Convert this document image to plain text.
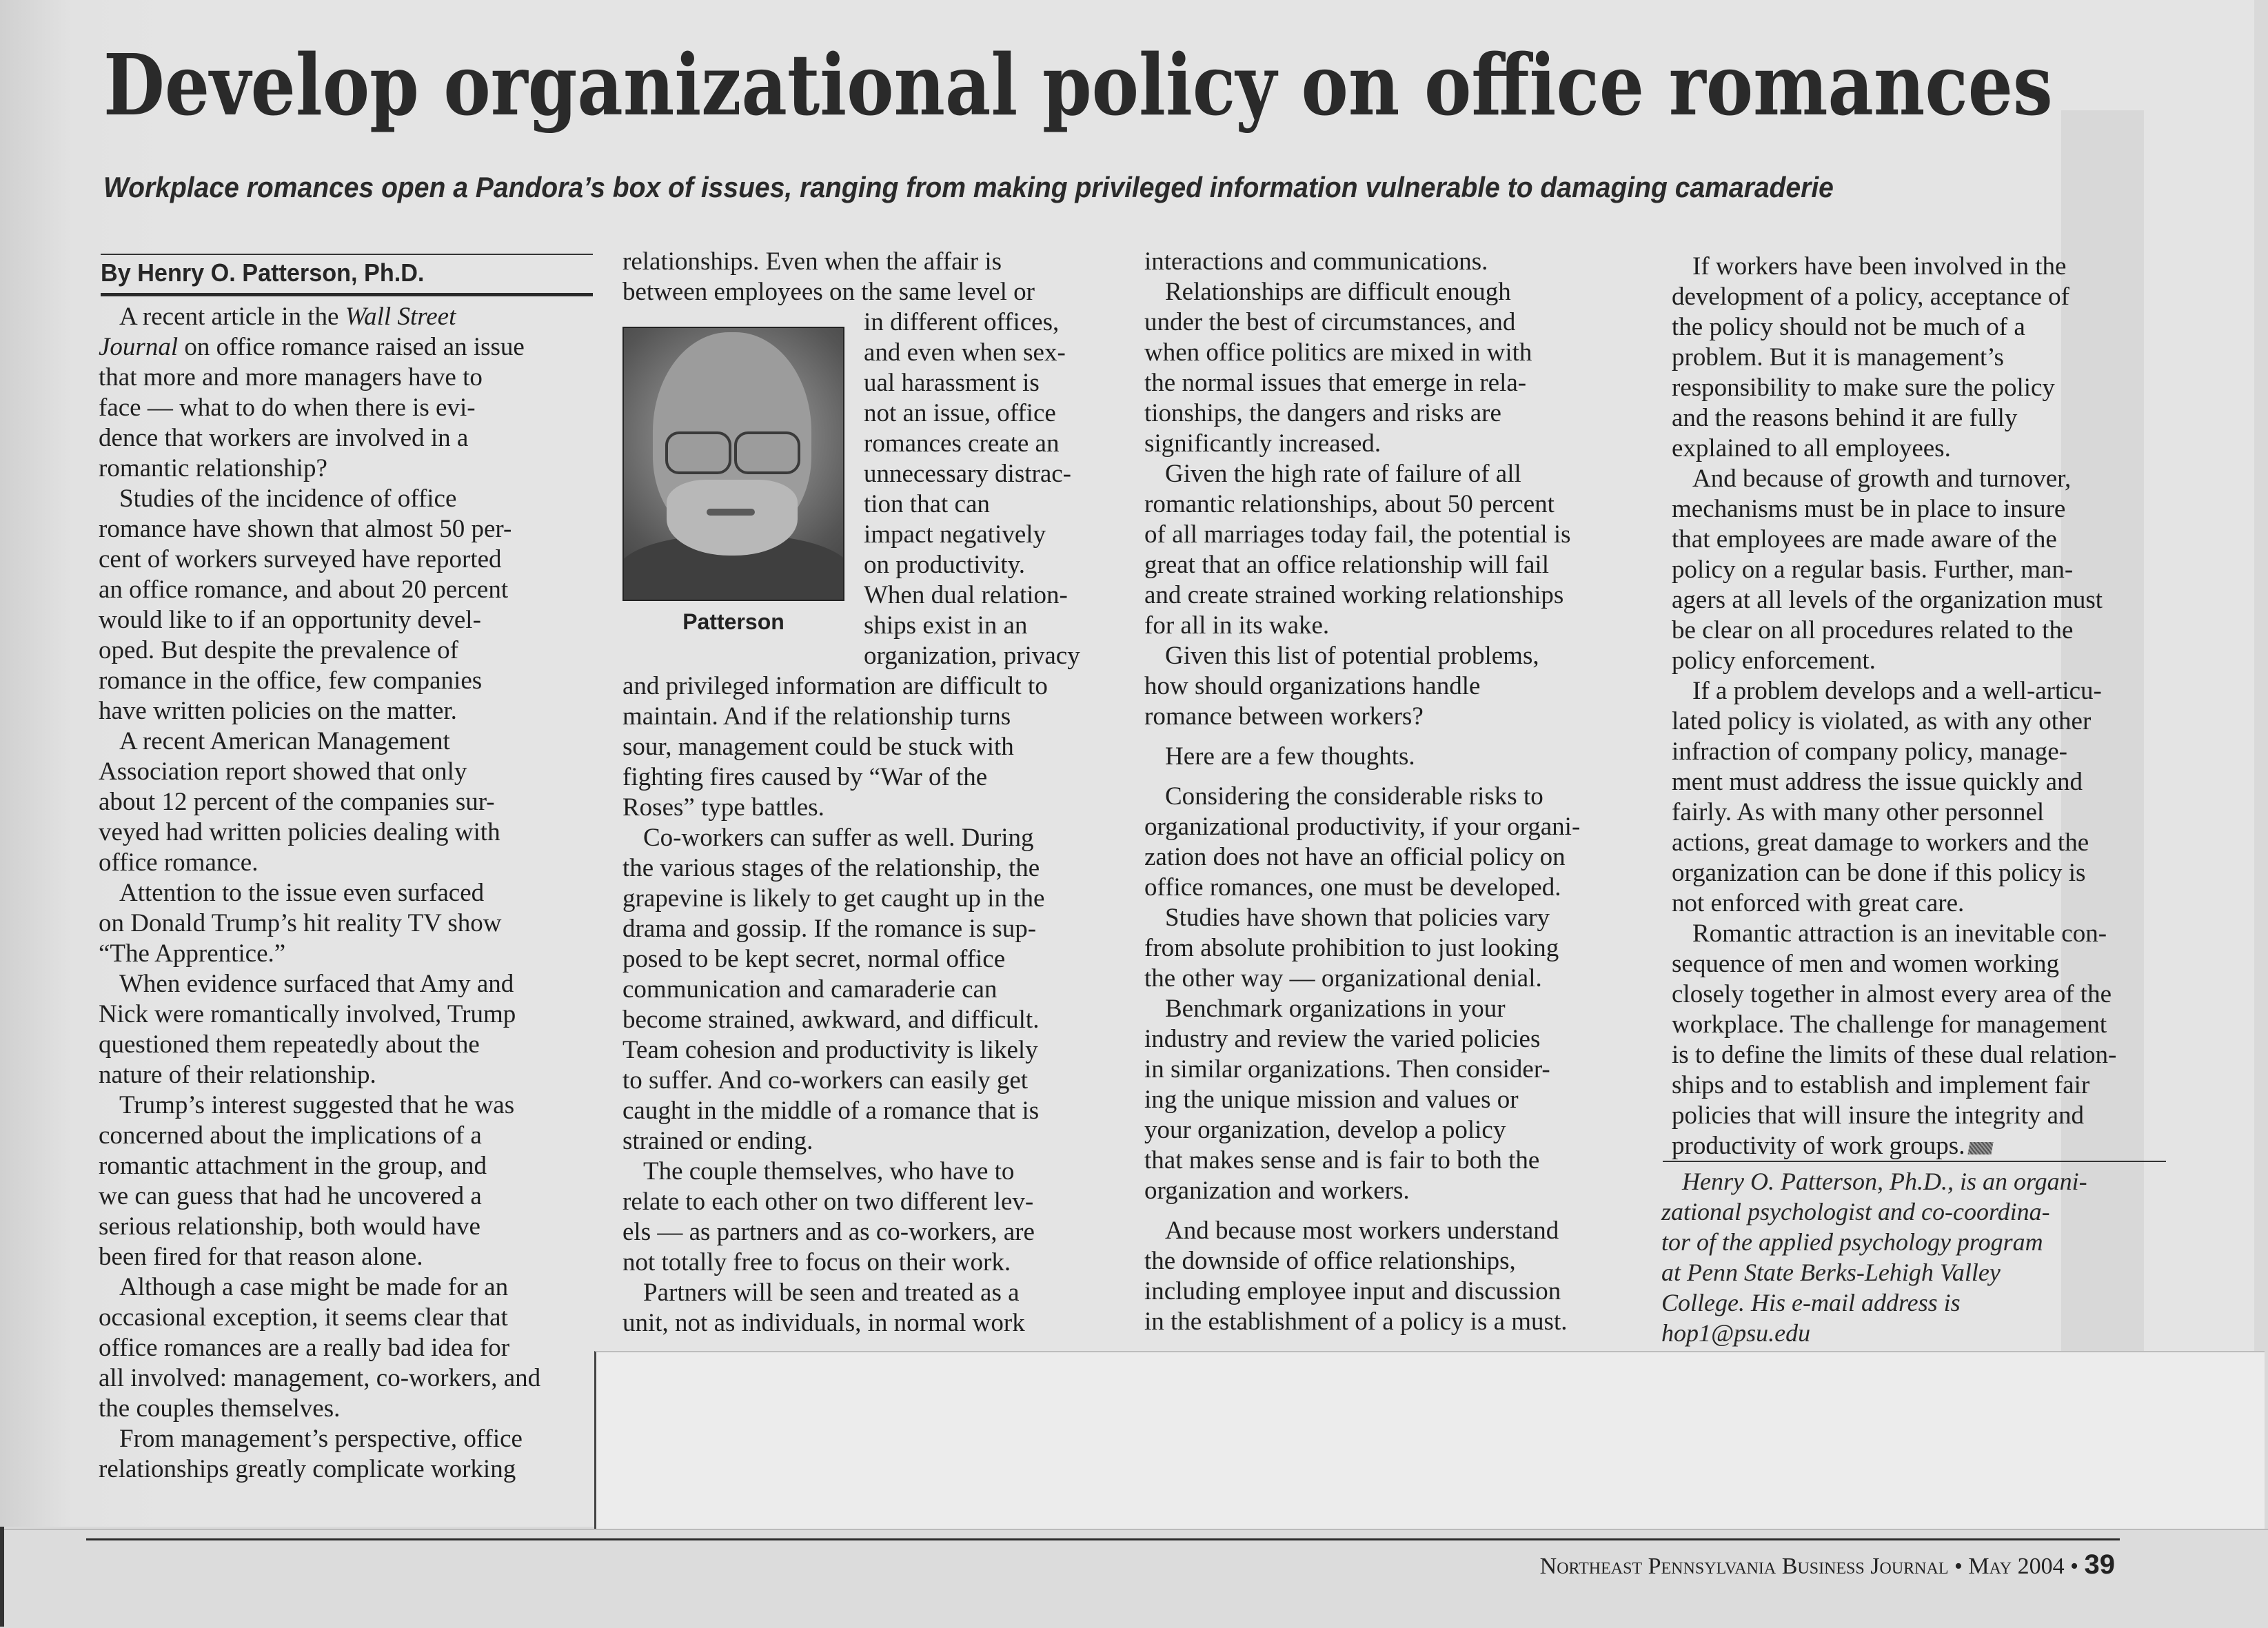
Develop organizational policy on office romances
Workplace romances open a Pandora’s box of issues, ranging from making privileged information vulnerable to damaging camaraderie
By Henry O. Patterson, Ph.D.
A recent article in the Wall Street
Journal on office romance raised an issue
that more and more managers have to
face — what to do when there is evi-
dence that workers are involved in a
romantic relationship?
Studies of the incidence of office
romance have shown that almost 50 per-
cent of workers surveyed have reported
an office romance, and about 20 percent
would like to if an opportunity devel-
oped. But despite the prevalence of
romance in the office, few companies
have written policies on the matter.
A recent American Management
Association report showed that only
about 12 percent of the companies sur-
veyed had written policies dealing with
office romance.
Attention to the issue even surfaced
on Donald Trump’s hit reality TV show
“The Apprentice.”
When evidence surfaced that Amy and
Nick were romantically involved, Trump
questioned them repeatedly about the
nature of their relationship.
Trump’s interest suggested that he was
concerned about the implications of a
romantic attachment in the group, and
we can guess that had he uncovered a
serious relationship, both would have
been fired for that reason alone.
Although a case might be made for an
occasional exception, it seems clear that
office romances are a really bad idea for
all involved: management, co-workers, and
the couples themselves.
From management’s perspective, office
relationships greatly complicate working
relationships. Even when the affair is
between employees on the same level or
Patterson
in different offices,
and even when sex-
ual harassment is
not an issue, office
romances create an
unnecessary distrac-
tion that can
impact negatively
on productivity.
When dual relation-
ships exist in an
organization, privacy
and privileged information are difficult to
maintain. And if the relationship turns
sour, management could be stuck with
fighting fires caused by “War of the
Roses” type battles.
Co-workers can suffer as well. During
the various stages of the relationship, the
grapevine is likely to get caught up in the
drama and gossip. If the romance is sup-
posed to be kept secret, normal office
communication and camaraderie can
become strained, awkward, and difficult.
Team cohesion and productivity is likely
to suffer. And co-workers can easily get
caught in the middle of a romance that is
strained or ending.
The couple themselves, who have to
relate to each other on two different lev-
els — as partners and as co-workers, are
not totally free to focus on their work.
Partners will be seen and treated as a
unit, not as individuals, in normal work
interactions and communications.
Relationships are difficult enough
under the best of circumstances, and
when office politics are mixed in with
the normal issues that emerge in rela-
tionships, the dangers and risks are
significantly increased.
Given the high rate of failure of all
romantic relationships, about 50 percent
of all marriages today fail, the potential is
great that an office relationship will fail
and create strained working relationships
for all in its wake.
Given this list of potential problems,
how should organizations handle
romance between workers?
Here are a few thoughts.
Considering the considerable risks to
organizational productivity, if your organi-
zation does not have an official policy on
office romances, one must be developed.
Studies have shown that policies vary
from absolute prohibition to just looking
the other way — organizational denial.
Benchmark organizations in your
industry and review the varied policies
in similar organizations. Then consider-
ing the unique mission and values or
your organization, develop a policy
that makes sense and is fair to both the
organization and workers.
And because most workers understand
the downside of office relationships,
including employee input and discussion
in the establishment of a policy is a must.
If workers have been involved in the
development of a policy, acceptance of
the policy should not be much of a
problem. But it is management’s
responsibility to make sure the policy
and the reasons behind it are fully
explained to all employees.
And because of growth and turnover,
mechanisms must be in place to insure
that employees are made aware of the
policy on a regular basis. Further, man-
agers at all levels of the organization must
be clear on all procedures related to the
policy enforcement.
If a problem develops and a well-articu-
lated policy is violated, as with any other
infraction of company policy, manage-
ment must address the issue quickly and
fairly. As with many other personnel
actions, great damage to workers and the
organization can be done if this policy is
not enforced with great care.
Romantic attraction is an inevitable con-
sequence of men and women working
closely together in almost every area of the
workplace. The challenge for management
is to define the limits of these dual relation-
ships and to establish and implement fair
policies that will insure the integrity and
productivity of work groups.
Henry O. Patterson, Ph.D., is an organi-
zational psychologist and co-coordina-
tor of the applied psychology program
at Penn State Berks-Lehigh Valley
College. His e-mail address is
hop1@psu.edu
Northeast Pennsylvania Business Journal • May 2004 • 39
